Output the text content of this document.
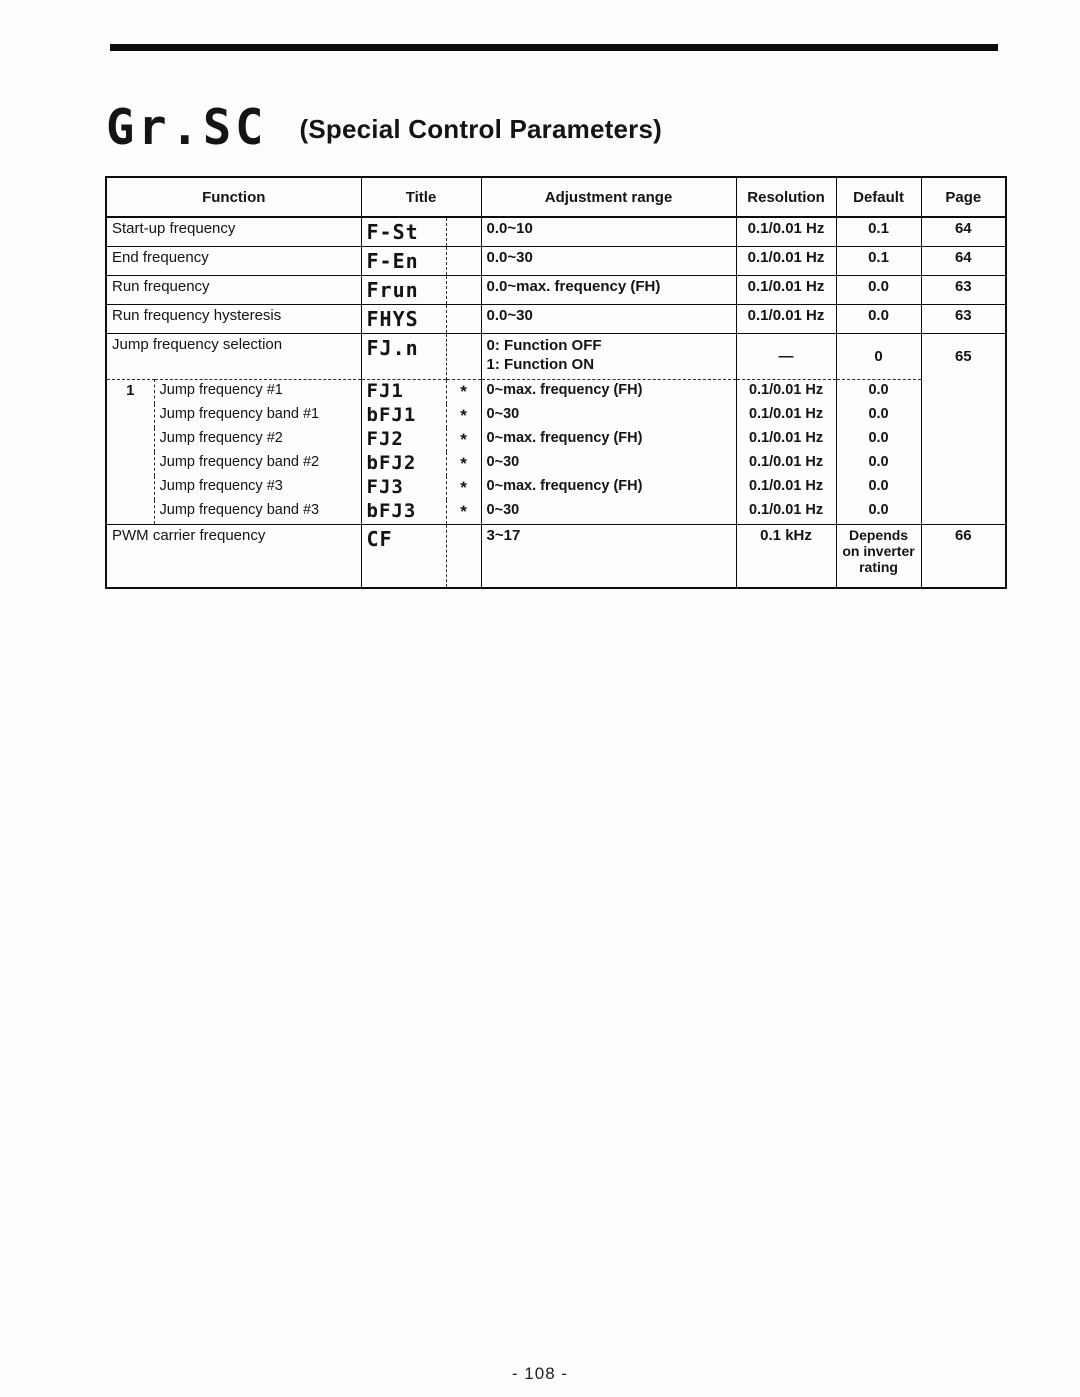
Gr.SC (Special Control Parameters)
Function		Title		Adjustment range	Resolution	Default	Page
Start-up frequency		F-St		0.0~10	0.1/0.01 Hz	0.1	64
End frequency		F-En		0.0~30	0.1/0.01 Hz	0.1	64
Run frequency		Frun		0.0~max. frequency (FH)	0.1/0.01 Hz	0.0	63
Run frequency hysteresis		FHYS		0.0~30	0.1/0.01 Hz	0.0	63
Jump frequency selection		FJ.n		0: Function OFF
1: Function ON	—	0	65
1	Jump frequency #1	FJ1	*	0~max. frequency (FH)	0.1/0.01 Hz	0.0	
	Jump frequency band #1	bFJ1	*	0~30	0.1/0.01 Hz	0.0	
	Jump frequency #2	FJ2	*	0~max. frequency (FH)	0.1/0.01 Hz	0.0	
	Jump frequency band #2	bFJ2	*	0~30	0.1/0.01 Hz	0.0	
	Jump frequency #3	FJ3	*	0~max. frequency (FH)	0.1/0.01 Hz	0.0	
	Jump frequency band #3	bFJ3	*	0~30	0.1/0.01 Hz	0.0	
PWM carrier frequency		CF		3~17	0.1 kHz	Depends
on inverter
rating	66
- 108 -
